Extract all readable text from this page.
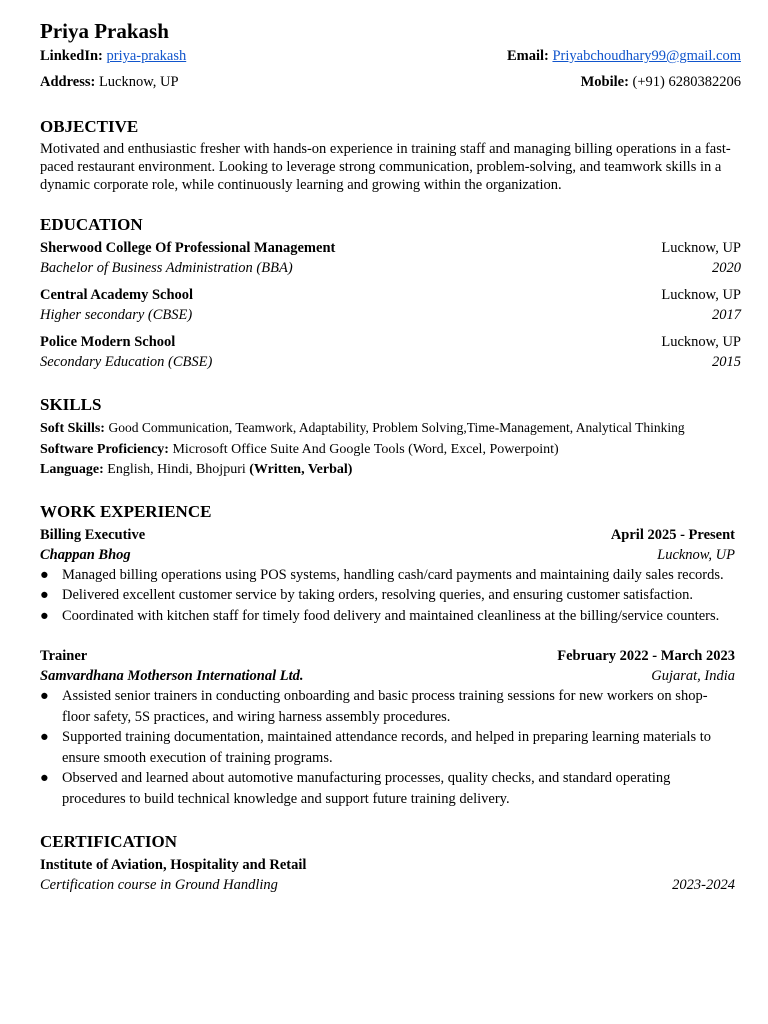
Priya Prakash
LinkedIn: priya-prakash	Email: Priyabchoudhary99@gmail.com
Address: Lucknow, UP	Mobile: (+91) 6280382206
OBJECTIVE

Motivated and enthusiastic fresher with hands-on experience in training staff and managing billing operations in a fast-paced restaurant environment. Looking to leverage strong communication, problem-solving, and teamwork skills in a dynamic corporate role, while continuously learning and growing within the organization.

EDUCATION
Sherwood College Of Professional Management	Lucknow, UP
Bachelor of Business Administration (BBA)	2020
Central Academy School	Lucknow, UP
Higher secondary (CBSE)	2017
Police Modern School	Lucknow, UP
Secondary Education (CBSE)	2015
SKILLS
Soft Skills: Good Communication, Teamwork, Adaptability, Problem Solving,Time-Management, Analytical Thinking
Software Proficiency: Microsoft Office Suite And Google Tools (Word, Excel, Powerpoint)
Language: English, Hindi, Bhojpuri (Written, Verbal)
WORK EXPERIENCE
Billing Executive	April 2025 - Present
Chappan Bhog	Lucknow, UP
● Managed billing operations using POS systems, handling cash/card payments and maintaining daily sales records.
● Delivered excellent customer service by taking orders, resolving queries, and ensuring customer satisfaction.
● Coordinated with kitchen staff for timely food delivery and maintained cleanliness at the billing/service counters.
Trainer	February 2022 - March 2023
Samvardhana Motherson International Ltd.	Gujarat, India
● Assisted senior trainers in conducting onboarding and basic process training sessions for new workers on shop-floor safety, 5S practices, and wiring harness assembly procedures.
● Supported training documentation, maintained attendance records, and helped in preparing learning materials to ensure smooth execution of training programs.
● Observed and learned about automotive manufacturing processes, quality checks, and standard operating procedures to build technical knowledge and support future training delivery.
CERTIFICATION
Institute of Aviation, Hospitality and Retail
Certification course in Ground Handling	2023-2024
